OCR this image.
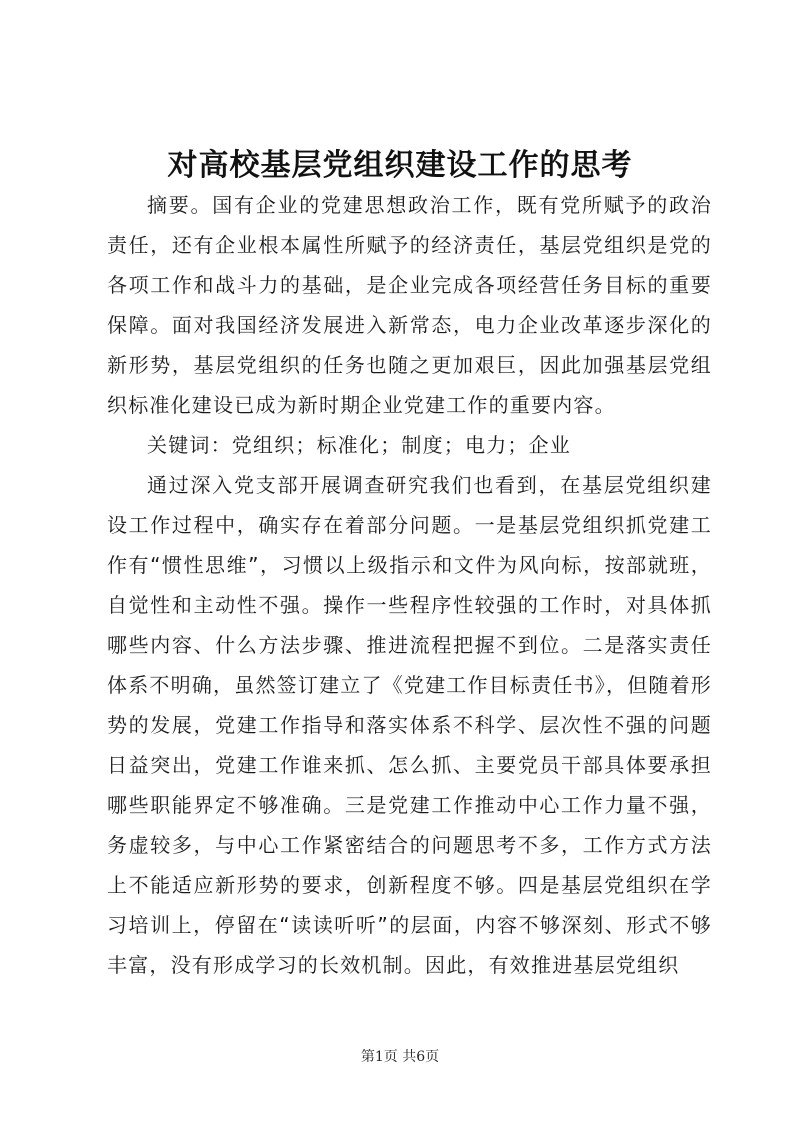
对高校基层党组织建设工作的思考

摘要。国有企业的党建思想政治工作，既有党所赋予的政治责任，还有企业根本属性所赋予的经济责任，基层党组织是党的各项工作和战斗力的基础，是企业完成各项经营任务目标的重要保障。面对我国经济发展进入新常态，电力企业改革逐步深化的新形势，基层党组织的任务也随之更加艰巨，因此加强基层党组织标准化建设已成为新时期企业党建工作的重要内容。

关键词：党组织；标准化；制度；电力；企业

通过深入党支部开展调查研究我们也看到，在基层党组织建设工作过程中，确实存在着部分问题。一是基层党组织抓党建工作有“惯性思维”，习惯以上级指示和文件为风向标，按部就班，自觉性和主动性不强。操作一些程序性较强的工作时，对具体抓哪些内容、什么方法步骤、推进流程把握不到位。二是落实责任体系不明确，虽然签订建立了《党建工作目标责任书》，但随着形势的发展，党建工作指导和落实体系不科学、层次性不强的问题日益突出，党建工作谁来抓、怎么抓、主要党员干部具体要承担哪些职能界定不够准确。三是党建工作推动中心工作力量不强，务虚较多，与中心工作紧密结合的问题思考不多，工作方式方法上不能适应新形势的要求，创新程度不够。四是基层党组织在学习培训上，停留在“读读听听”的层面，内容不够深刻、形式不够丰富，没有形成学习的长效机制。因此，有效推进基层党组织

第1页 共6页
